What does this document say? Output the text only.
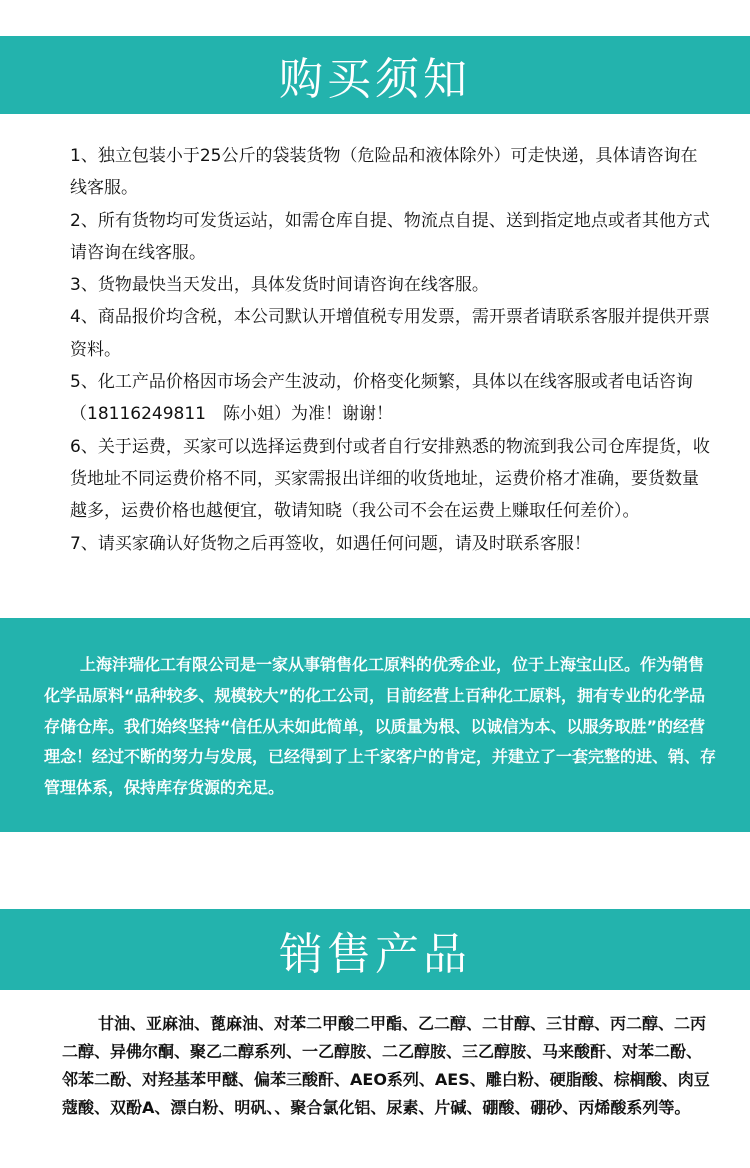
购买须知

1、独立包装小于25公斤的袋装货物（危险品和液体除外）可走快递，具体请咨询在线客服。

2、所有货物均可发货运站，如需仓库自提、物流点自提、送到指定地点或者其他方式请咨询在线客服。

3、货物最快当天发出，具体发货时间请咨询在线客服。

4、商品报价均含税，本公司默认开增值税专用发票，需开票者请联系客服并提供开票资料。

5、化工产品价格因市场会产生波动，价格变化频繁，具体以在线客服或者电话咨询（18116249811　陈小姐）为准！谢谢！

6、关于运费，买家可以选择运费到付或者自行安排熟悉的物流到我公司仓库提货，收货地址不同运费价格不同，买家需报出详细的收货地址，运费价格才准确，要货数量越多，运费价格也越便宜，敬请知晓（我公司不会在运费上赚取任何差价）。

7、请买家确认好货物之后再签收，如遇任何问题，请及时联系客服！

上海沣瑞化工有限公司是一家从事销售化工原料的优秀企业，位于上海宝山区。作为销售化学品原料“品种较多、规模较大”的化工公司，目前经营上百种化工原料，拥有专业的化学品存储仓库。我们始终坚持“信任从未如此简单，以质量为根、以诚信为本、以服务取胜”的经营理念！经过不断的努力与发展，已经得到了上千家客户的肯定，并建立了一套完整的进、销、存管理体系，保持库存货源的充足。

销售产品

甘油、亚麻油、蓖麻油、对苯二甲酸二甲酯、乙二醇、二甘醇、三甘醇、丙二醇、二丙二醇、异佛尔酮、聚乙二醇系列、一乙醇胺、二乙醇胺、三乙醇胺、马来酸酐、对苯二酚、邻苯二酚、对羟基苯甲醚、偏苯三酸酐、AEO系列、AES、雕白粉、硬脂酸、棕榈酸、肉豆蔻酸、双酚A、漂白粉、明矾、、聚合氯化铝、尿素、片碱、硼酸、硼砂、丙烯酸系列等。
